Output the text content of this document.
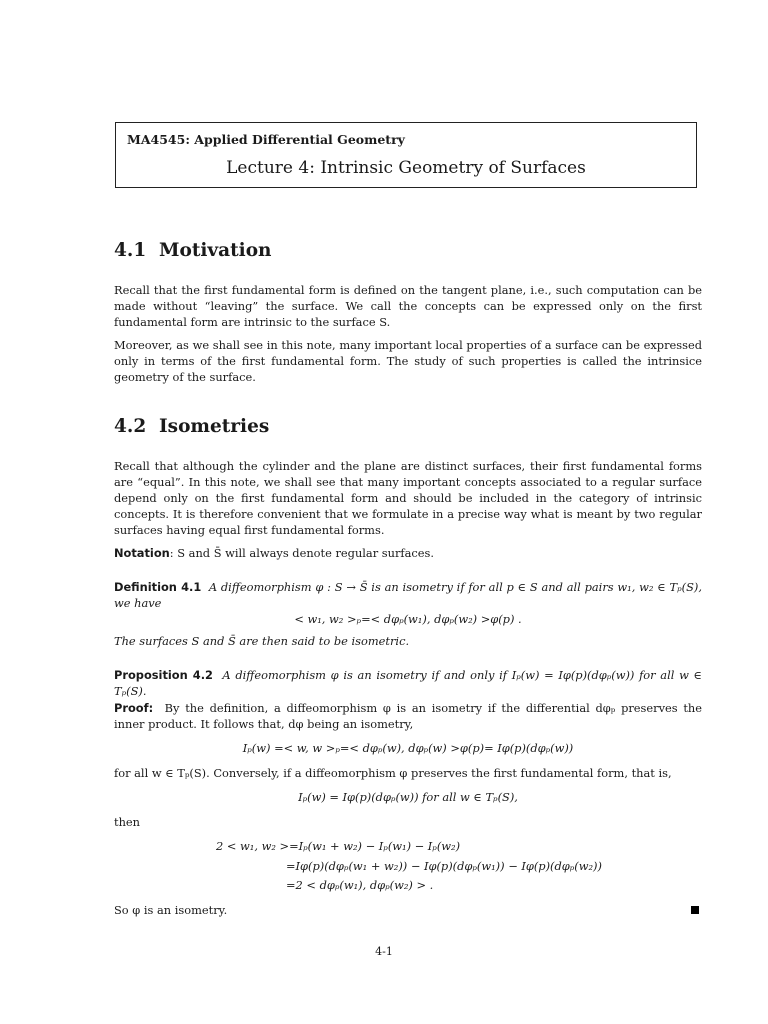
MA4545: Applied Differential Geometry
Lecture 4: Intrinsic Geometry of Surfaces
4.1 Motivation

Recall that the first fundamental form is defined on the tangent plane, i.e., such computation can be made without “leaving” the surface. We call the concepts can be expressed only on the first fundamental form are intrinsic to the surface S.

Moreover, as we shall see in this note, many important local properties of a surface can be expressed only in terms of the first fundamental form. The study of such properties is called the intrinsice geometry of the surface.

4.2 Isometries

Recall that although the cylinder and the plane are distinct surfaces, their first fundamental forms are “equal”. In this note, we shall see that many important concepts associated to a regular surface depend only on the first fundamental form and should be included in the category of intrinsic concepts. It is therefore convenient that we formulate in a precise way what is meant by two regular surfaces having equal first fundamental forms.

Notation: S and S̄ will always denote regular surfaces.

Definition 4.1 A diffeomorphism φ : S → S̄ is an isometry if for all p ∈ S and all pairs w₁, w₂ ∈ Tₚ(S), we have

< w₁, w₂ >ₚ=< dφₚ(w₁), dφₚ(w₂) >φ(p) .

The surfaces S and S̄ are then said to be isometric.

Proposition 4.2 A diffeomorphism φ is an isometry if and only if Iₚ(w) = Iφ(p)(dφₚ(w)) for all w ∈ Tₚ(S).

Proof: By the definition, a diffeomorphism φ is an isometry if the differential dφₚ preserves the inner product. It follows that, dφ being an isometry,

Iₚ(w) =< w, w >ₚ=< dφₚ(w), dφₚ(w) >φ(p)= Iφ(p)(dφₚ(w))

for all w ∈ Tₚ(S). Conversely, if a diffeomorphism φ preserves the first fundamental form, that is,

Iₚ(w) = Iφ(p)(dφₚ(w)) for all w ∈ Tₚ(S),

then

2 < w₁, w₂ >=Iₚ(w₁ + w₂) − Iₚ(w₁) − Iₚ(w₂)
=Iφ(p)(dφₚ(w₁ + w₂)) − Iφ(p)(dφₚ(w₁)) − Iφ(p)(dφₚ(w₂))
=2 < dφₚ(w₁), dφₚ(w₂) > .

So φ is an isometry.

4-1
